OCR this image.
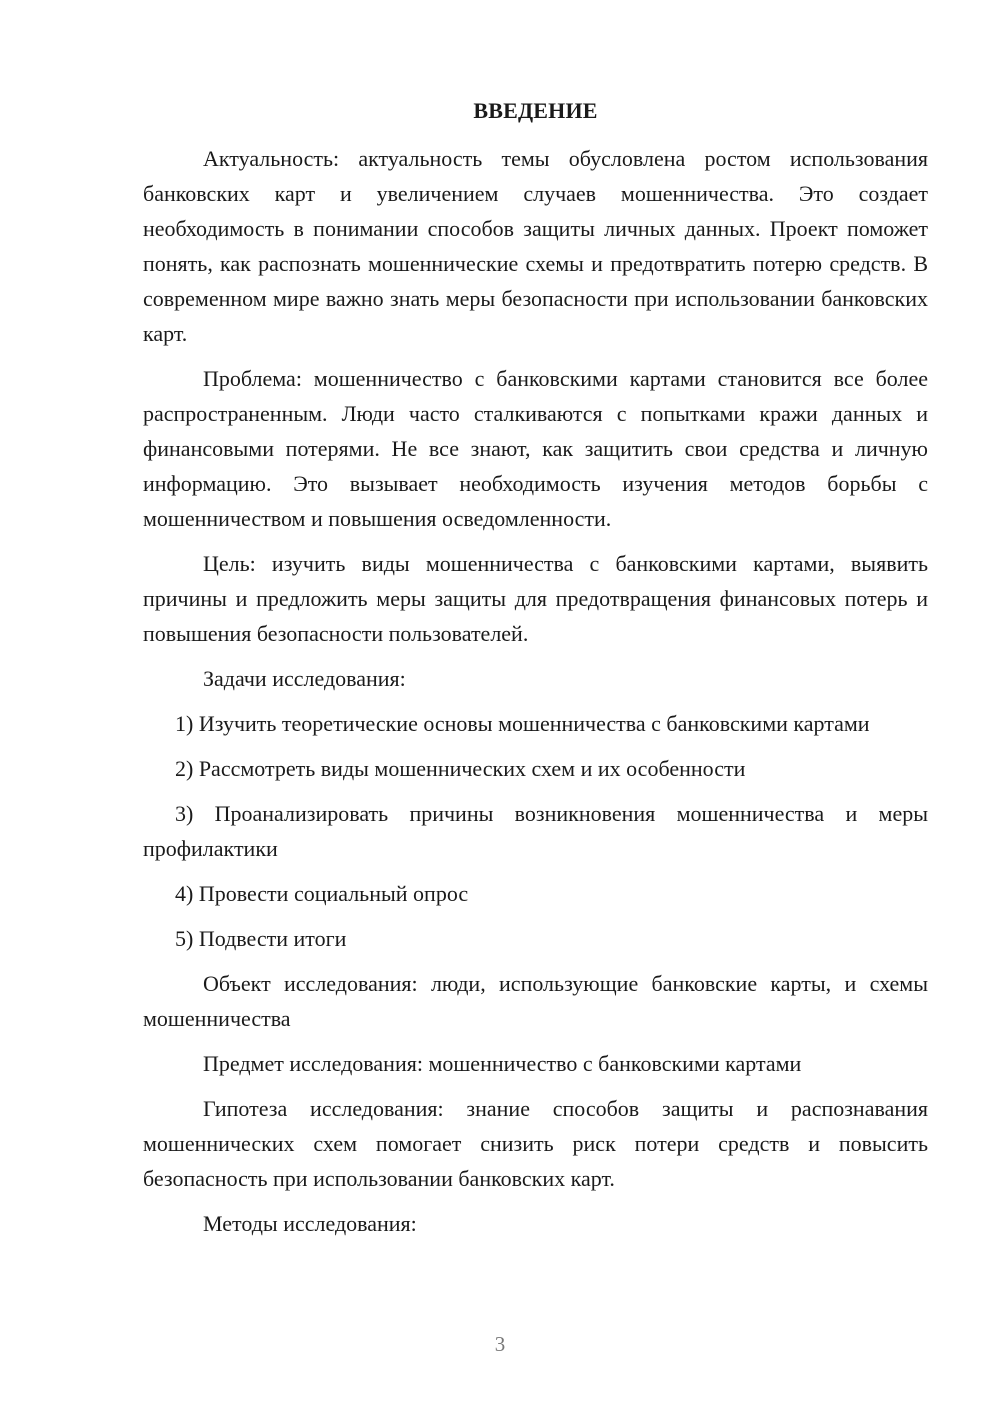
ВВЕДЕНИЕ

Актуальность: актуальность темы обусловлена ростом использования банковских карт и увеличением случаев мошенничества. Это создает необходимость в понимании способов защиты личных данных. Проект поможет понять, как распознать мошеннические схемы и предотвратить потерю средств. В современном мире важно знать меры безопасности при использовании банковских карт.

Проблема: мошенничество с банковскими картами становится все более распространенным. Люди часто сталкиваются с попытками кражи данных и финансовыми потерями. Не все знают, как защитить свои средства и личную информацию. Это вызывает необходимость изучения методов борьбы с мошенничеством и повышения осведомленности.

Цель: изучить виды мошенничества с банковскими картами, выявить причины и предложить меры защиты для предотвращения финансовых потерь и повышения безопасности пользователей.

Задачи исследования:

1) Изучить теоретические основы мошенничества с банковскими картами

2) Рассмотреть виды мошеннических схем и их особенности

3) Проанализировать причины возникновения мошенничества и меры профилактики

4) Провести социальный опрос

5) Подвести итоги

Объект исследования: люди, использующие банковские карты, и схемы мошенничества

Предмет исследования: мошенничество с банковскими картами

Гипотеза исследования: знание способов защиты и распознавания мошеннических схем помогает снизить риск потери средств и повысить безопасность при использовании банковских карт.

Методы исследования:

3
